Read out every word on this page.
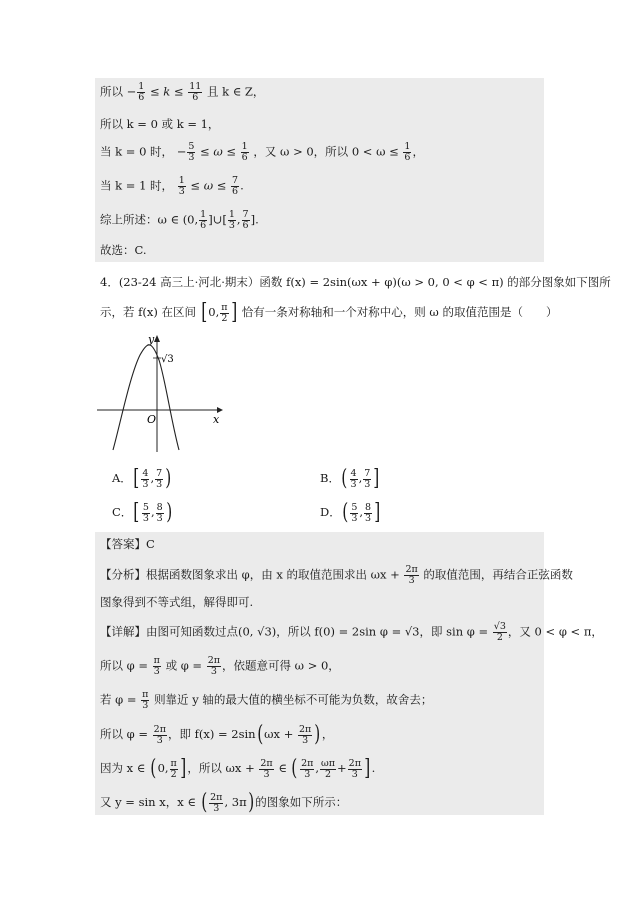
所以 − $\frac{1}{6} \le k \le \frac{11}{6}$ 且 k ∈ Z，
所以 k = 0 或 k = 1，
当 k = 0 时， − $\frac{5}{3} \le \omega \le \frac{1}{6}$ ，又 ω > 0，所以 $0 < \omega \le \frac{1}{6}$ ，
当 k = 1 时， $\frac{1}{3} \le \omega \le \frac{7}{6}$ .
综上所述：ω ∈ (0, $\frac{1}{6}$ ]∪[ $\frac{1}{3}$ , $\frac{7}{6}$ ].
故选：C.
4．(23-24 高三上·河北·期末）函数 f(x) = 2sin(ωx + φ)(ω > 0, 0 < φ < π) 的部分图象如下图所
示，若 f(x) 在区间 [0, $\frac{\pi}{2}$ ] 恰有一条对称轴和一个对称中心，则 ω 的取值范围是（　　）
y
x
O
√3
A．[ $\frac{4}{3}$ , $\frac{7}{3}$ )	B．( $\frac{4}{3}$ , $\frac{7}{3}$ ]
C．[ $\frac{5}{3}$ , $\frac{8}{3}$ )	D．( $\frac{5}{3}$ , $\frac{8}{3}$ ]
【答案】C
【分析】根据函数图象求出 φ，由 x 的取值范围求出 $\omega x + \frac{2\pi}{3}$ 的取值范围，再结合正弦函数
图象得到不等式组，解得即可.
【详解】由图可知函数过点(0, √3)，所以 f(0) = 2sin φ = √3，即 $\sin \varphi = \frac{√3}{2}$ ，又 0 < φ < π，
所以 $\varphi = \frac{\pi}{3}$ 或 $\varphi = \frac{2\pi}{3}$ ，依题意可得 ω > 0，
若 $\varphi = \frac{\pi}{3}$ 则靠近 y 轴的最大值的横坐标不可能为负数，故舍去；
所以 $\varphi = \frac{2\pi}{3}$ ，即 $f(x) = 2\sin(\omega x + \frac{2\pi}{3}$ )，
因为 x ∈ (0, $\frac{\pi}{2}$ ]，所以 $\omega x + \frac{2\pi}{3}$ ∈ ( $\frac{2\pi}{3}$ , $\frac{\omega\pi}{2} + \frac{2\pi}{3}$ ].
又 y = sin x，x ∈ ( $\frac{2\pi}{3}$ , 3π)的图象如下所示：
